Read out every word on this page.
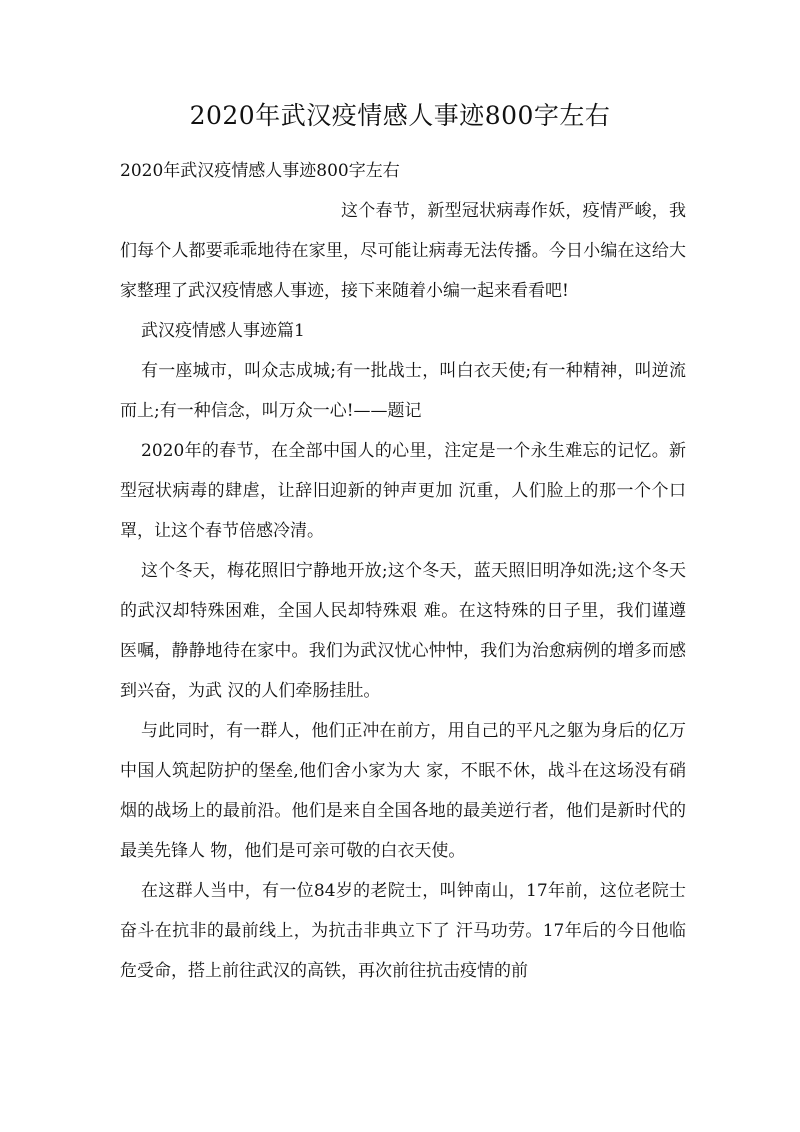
2020年武汉疫情感人事迹800字左右

2020年武汉疫情感人事迹800字左右

这个春节，新型冠状病毒作妖，疫情严峻，我们每个人都要乖乖地待在家里，尽可能让病毒无法传播。今日小编在这给大家整理了武汉疫情感人事迹，接下来随着小编一起来看看吧!

武汉疫情感人事迹篇1

有一座城市，叫众志成城;有一批战士，叫白衣天使;有一种精神，叫逆流而上;有一种信念，叫万众一心!——题记

2020年的春节，在全部中国人的心里，注定是一个永生难忘的记忆。新型冠状病毒的肆虐，让辞旧迎新的钟声更加 沉重，人们脸上的那一个个口罩，让这个春节倍感冷清。

这个冬天，梅花照旧宁静地开放;这个冬天，蓝天照旧明净如洗;这个冬天的武汉却特殊困难，全国人民却特殊艰 难。在这特殊的日子里，我们谨遵医嘱，静静地待在家中。我们为武汉忧心忡忡，我们为治愈病例的增多而感到兴奋，为武 汉的人们牵肠挂肚。

与此同时，有一群人，他们正冲在前方，用自己的平凡之躯为身后的亿万中国人筑起防护的堡垒,他们舍小家为大 家，不眠不休，战斗在这场没有硝烟的战场上的最前沿。他们是来自全国各地的最美逆行者，他们是新时代的最美先锋人 物，他们是可亲可敬的白衣天使。

在这群人当中，有一位84岁的老院士，叫钟南山，17年前，这位老院士奋斗在抗非的最前线上，为抗击非典立下了 汗马功劳。17年后的今日他临危受命，搭上前往武汉的高铁，再次前往抗击疫情的前
